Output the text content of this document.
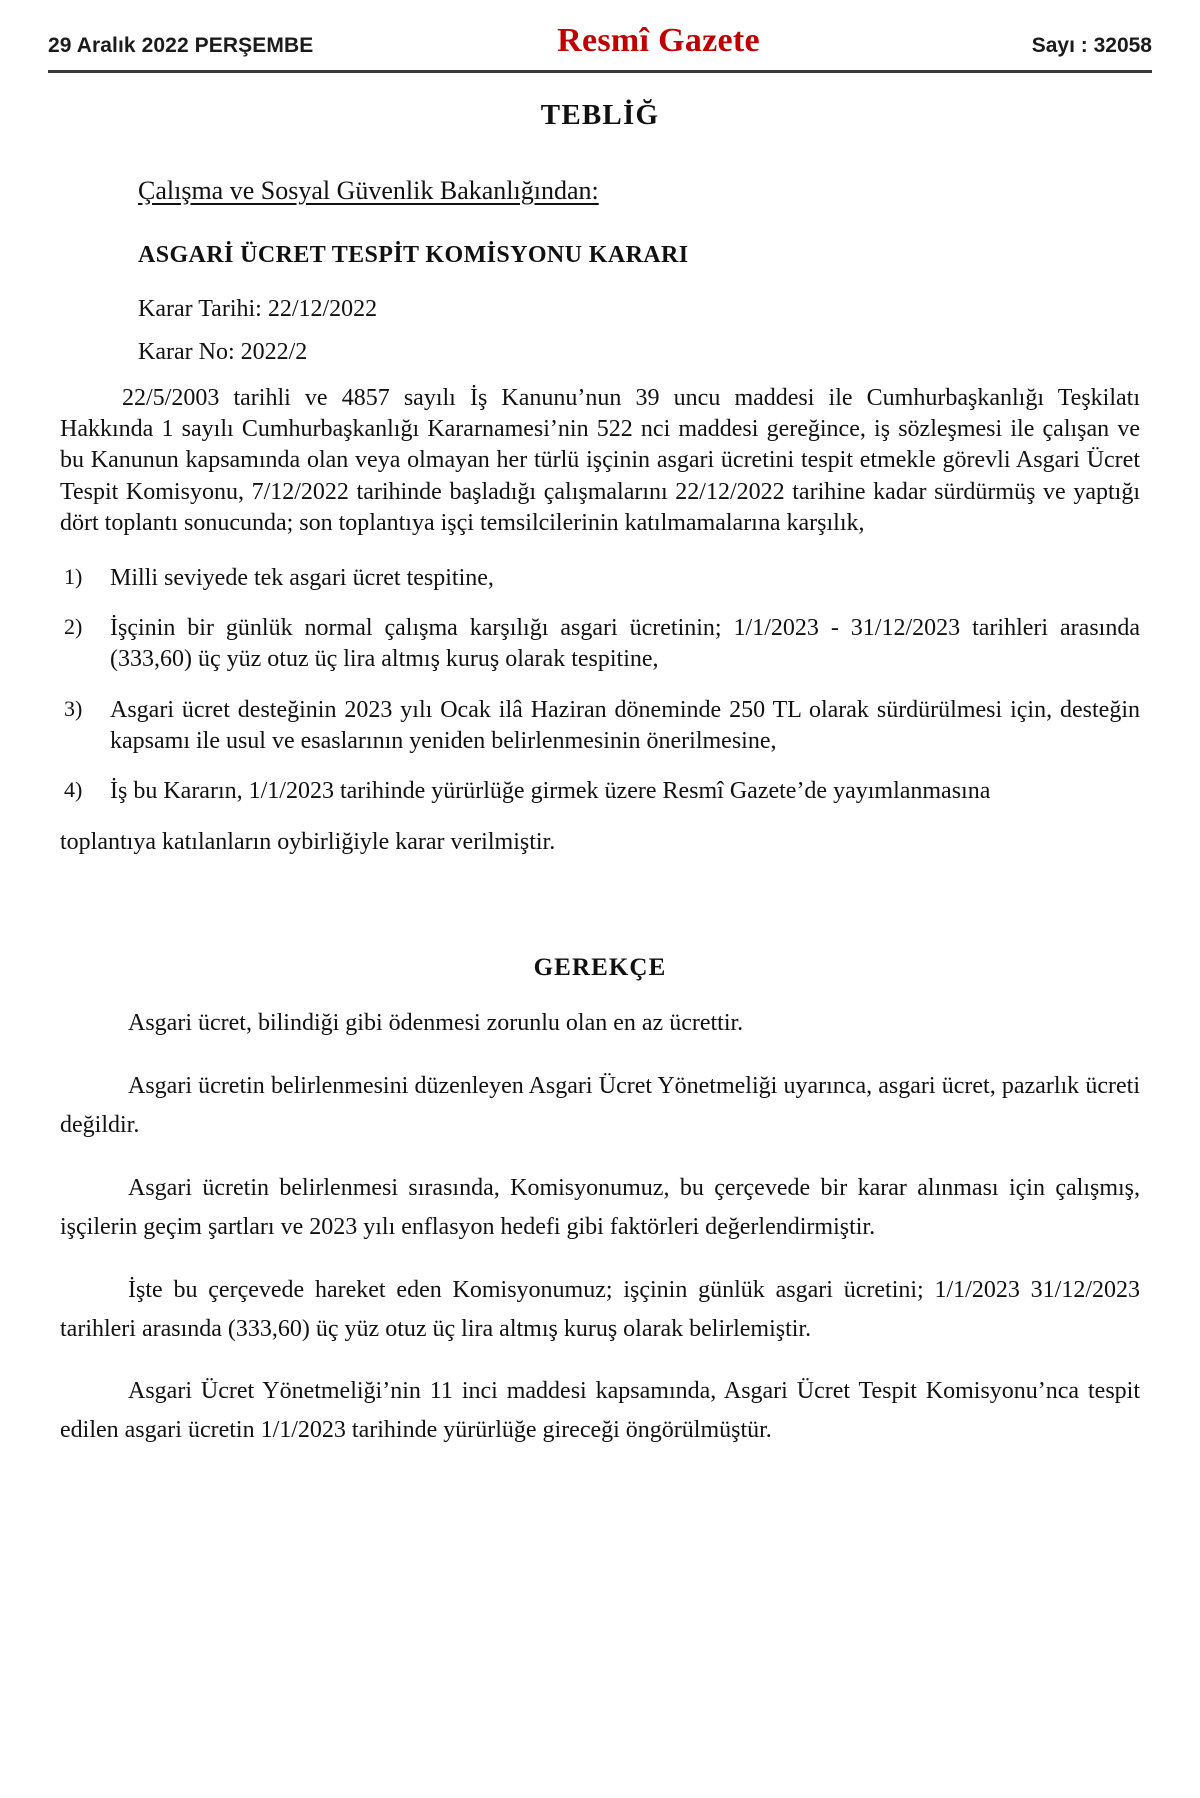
29 Aralık 2022 PERŞEMBE	Resmî Gazete	Sayı : 32058
TEBLİĞ
Çalışma ve Sosyal Güvenlik Bakanlığından:
ASGARİ ÜCRET TESPİT KOMİSYONU KARARI
Karar Tarihi: 22/12/2022
Karar No: 2022/2

22/5/2003 tarihli ve 4857 sayılı İş Kanunu’nun 39 uncu maddesi ile Cumhurbaşkanlığı Teşkilatı Hakkında 1 sayılı Cumhurbaşkanlığı Kararnamesi’nin 522 nci maddesi gereğince, iş sözleşmesi ile çalışan ve bu Kanunun kapsamında olan veya olmayan her türlü işçinin asgari ücretini tespit etmekle görevli Asgari Ücret Tespit Komisyonu, 7/12/2022 tarihinde başladığı çalışmalarını 22/12/2022 tarihine kadar sürdürmüş ve yaptığı dört toplantı sonucunda; son toplantıya işçi temsilcilerinin katılmamalarına karşılık,

1)	Milli seviyede tek asgari ücret tespitine,
2)	İşçinin bir günlük normal çalışma karşılığı asgari ücretinin; 1/1/2023 - 31/12/2023 tarihleri arasında (333,60) üç yüz otuz üç lira altmış kuruş olarak tespitine,
3)	Asgari ücret desteğinin 2023 yılı Ocak ilâ Haziran döneminde 250 TL olarak sürdürülmesi için, desteğin kapsamı ile usul ve esaslarının yeniden belirlenmesinin önerilmesine,
4)	İş bu Kararın, 1/1/2023 tarihinde yürürlüğe girmek üzere Resmî Gazete’de yayımlanmasına

toplantıya katılanların oybirliğiyle karar verilmiştir.

GEREKÇE

Asgari ücret, bilindiği gibi ödenmesi zorunlu olan en az ücrettir.

Asgari ücretin belirlenmesini düzenleyen Asgari Ücret Yönetmeliği uyarınca, asgari ücret, pazarlık ücreti değildir.

Asgari ücretin belirlenmesi sırasında, Komisyonumuz, bu çerçevede bir karar alınması için çalışmış, işçilerin geçim şartları ve 2023 yılı enflasyon hedefi gibi faktörleri değerlendirmiştir.

İşte bu çerçevede hareket eden Komisyonumuz; işçinin günlük asgari ücretini; 1/1/2023 31/12/2023 tarihleri arasında (333,60) üç yüz otuz üç lira altmış kuruş olarak belirlemiştir.

Asgari Ücret Yönetmeliği’nin 11 inci maddesi kapsamında, Asgari Ücret Tespit Komisyonu’nca tespit edilen asgari ücretin 1/1/2023 tarihinde yürürlüğe gireceği öngörülmüştür.
